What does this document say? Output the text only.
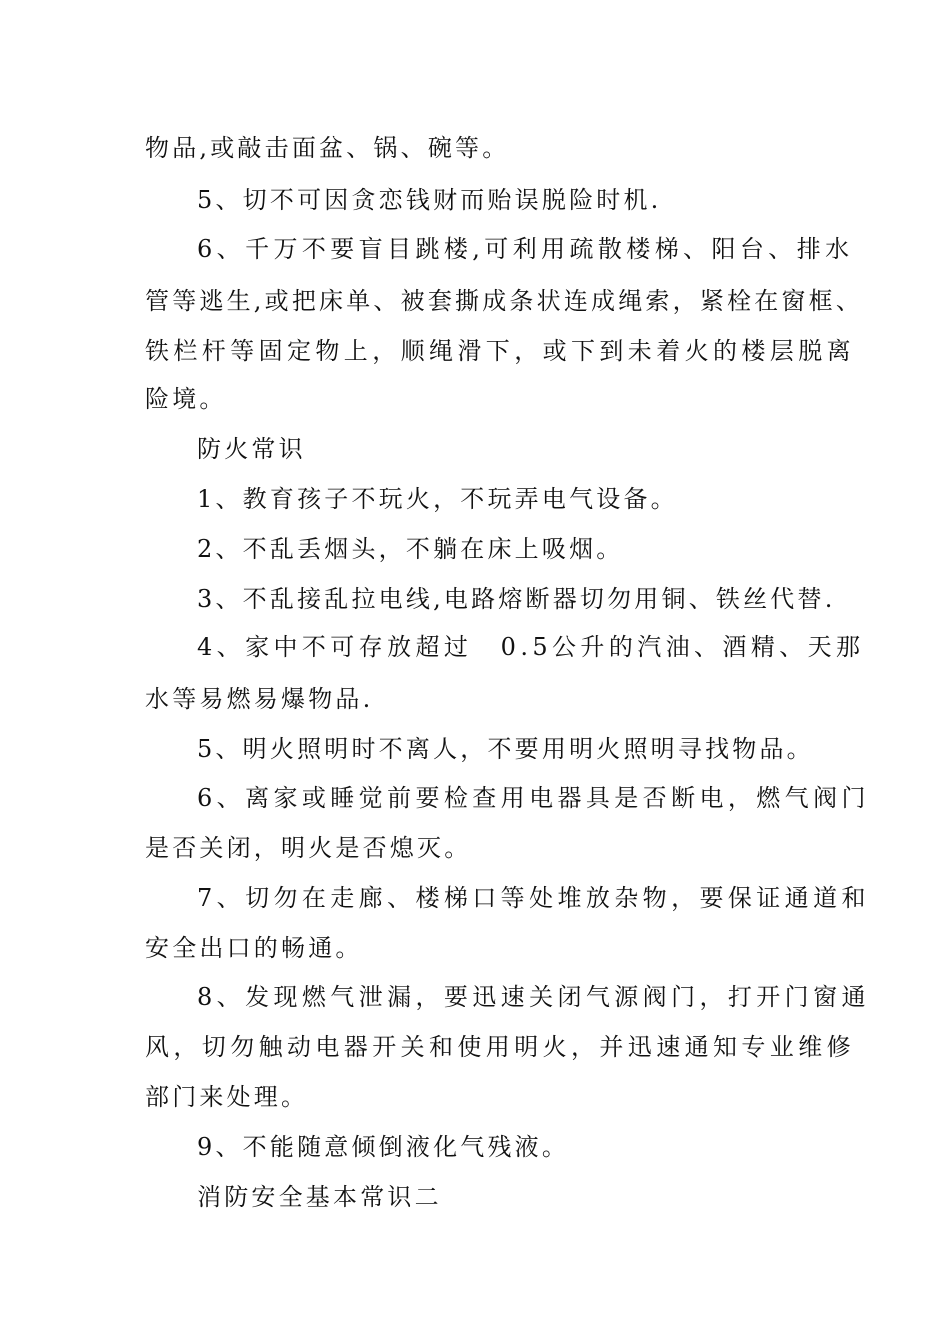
物品,或敲击面盆、锅、碗等。
5、切不可因贪恋钱财而贻误脱险时机.
6、千万不要盲目跳楼,可利用疏散楼梯、阳台、排水
管等逃生,或把床单、被套撕成条状连成绳索，紧栓在窗框、
铁栏杆等固定物上，顺绳滑下，或下到未着火的楼层脱离
险境。
防火常识
1、教育孩子不玩火，不玩弄电气设备。
2、不乱丢烟头，不躺在床上吸烟。
3、不乱接乱拉电线,电路熔断器切勿用铜、铁丝代替.
4、家中不可存放超过　0.5公升的汽油、酒精、天那
水等易燃易爆物品.
5、明火照明时不离人，不要用明火照明寻找物品。
6、离家或睡觉前要检查用电器具是否断电，燃气阀门
是否关闭，明火是否熄灭。
7、切勿在走廊、楼梯口等处堆放杂物，要保证通道和
安全出口的畅通。
8、发现燃气泄漏，要迅速关闭气源阀门，打开门窗通
风，切勿触动电器开关和使用明火，并迅速通知专业维修
部门来处理。
9、不能随意倾倒液化气残液。
消防安全基本常识二
